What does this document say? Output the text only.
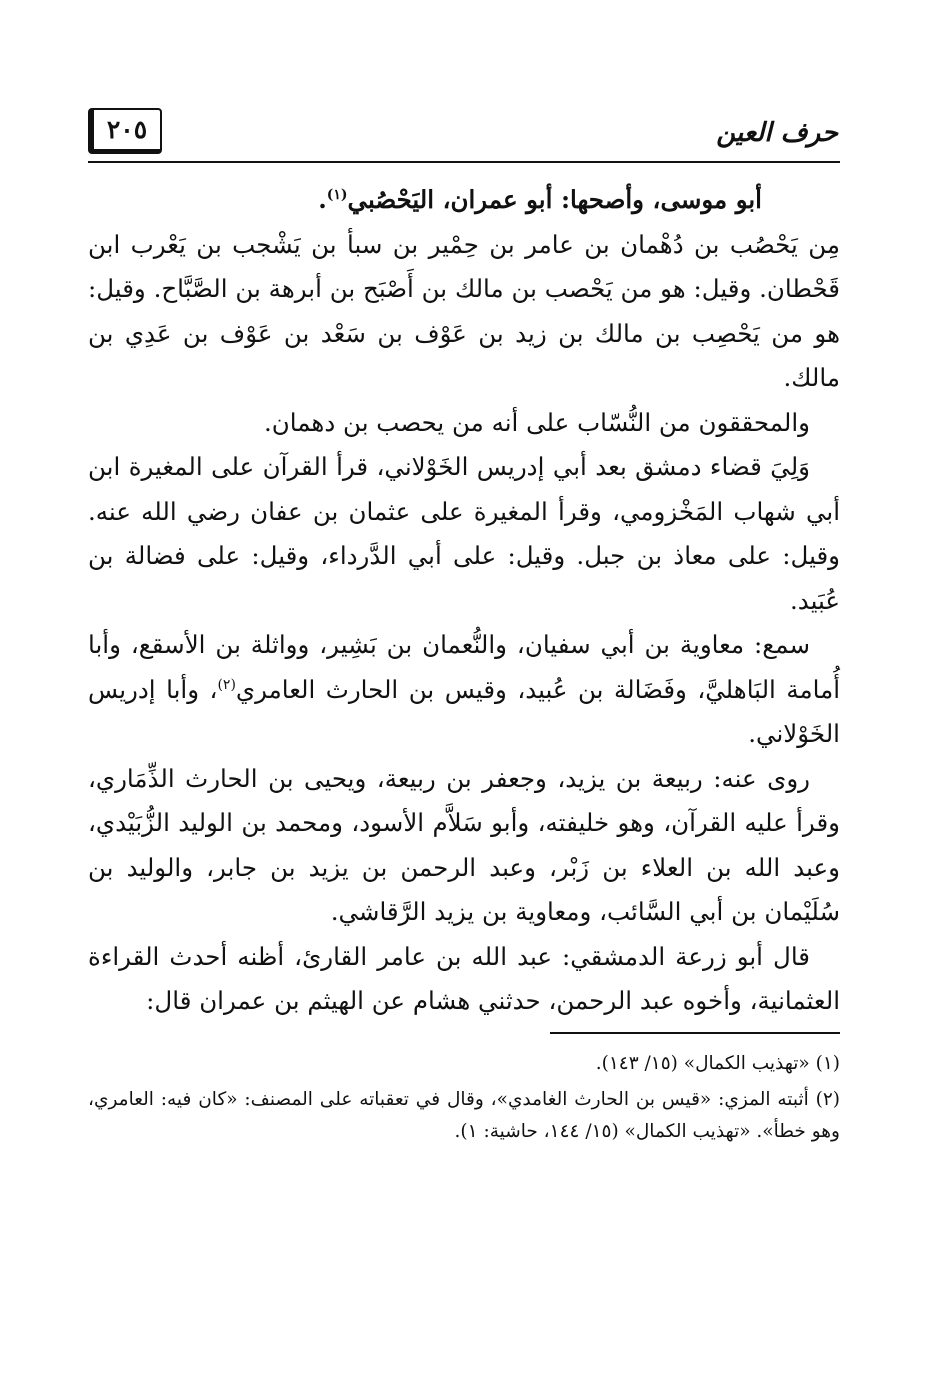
حرف العين
٢٠٥

أبو موسى، وأصحها: أبو عمران، اليَحْصُبي$^{(١)}$.

مِن يَحْصُب بن دُهْمان بن عامر بن حِمْير بن سبأ بن يَشْجب بن يَعْرب ابن قَحْطان. وقيل: هو من يَحْصب بن مالك بن أَصْبَح بن أبرهة بن الصَّبَّاح. وقيل: هو من يَحْصِب بن مالك بن زيد بن عَوْف بن سَعْد بن عَوْف بن عَدِي بن مالك.

والمحققون من النُّسّاب على أنه من يحصب بن دهمان.

وَلِيَ قضاء دمشق بعد أبي إدريس الخَوْلاني، قرأ القرآن على المغيرة ابن أبي شهاب المَخْزومي، وقرأ المغيرة على عثمان بن عفان رضي الله عنه. وقيل: على معاذ بن جبل. وقيل: على أبي الدَّرداء، وقيل: على فضالة بن عُبَيد.

سمع: معاوية بن أبي سفيان، والنُّعمان بن بَشِير، وواثلة بن الأسقع، وأبا أُمامة البَاهليَّ، وفَضَالة بن عُبيد، وقيس بن الحارث العامري$^{(٢)}$، وأبا إدريس الخَوْلاني.

روى عنه: ربيعة بن يزيد، وجعفر بن ربيعة، ويحيى بن الحارث الذِّمَاري، وقرأ عليه القرآن، وهو خليفته، وأبو سَلاَّم الأسود، ومحمد بن الوليد الزُّبَيْدي، وعبد الله بن العلاء بن زَبْر، وعبد الرحمن بن يزيد بن جابر، والوليد بن سُلَيْمان بن أبي السَّائب، ومعاوية بن يزيد الرَّقاشي.

قال أبو زرعة الدمشقي: عبد الله بن عامر القارئ، أظنه أحدث القراءة العثمانية، وأخوه عبد الرحمن، حدثني هشام عن الهيثم بن عمران قال:

(١) «تهذيب الكمال» (١٥/ ١٤٣).

(٢) أثبته المزي: «قيس بن الحارث الغامدي»، وقال في تعقباته على المصنف: «كان فيه: العامري، وهو خطأ». «تهذيب الكمال» (١٥/ ١٤٤، حاشية: ١).
